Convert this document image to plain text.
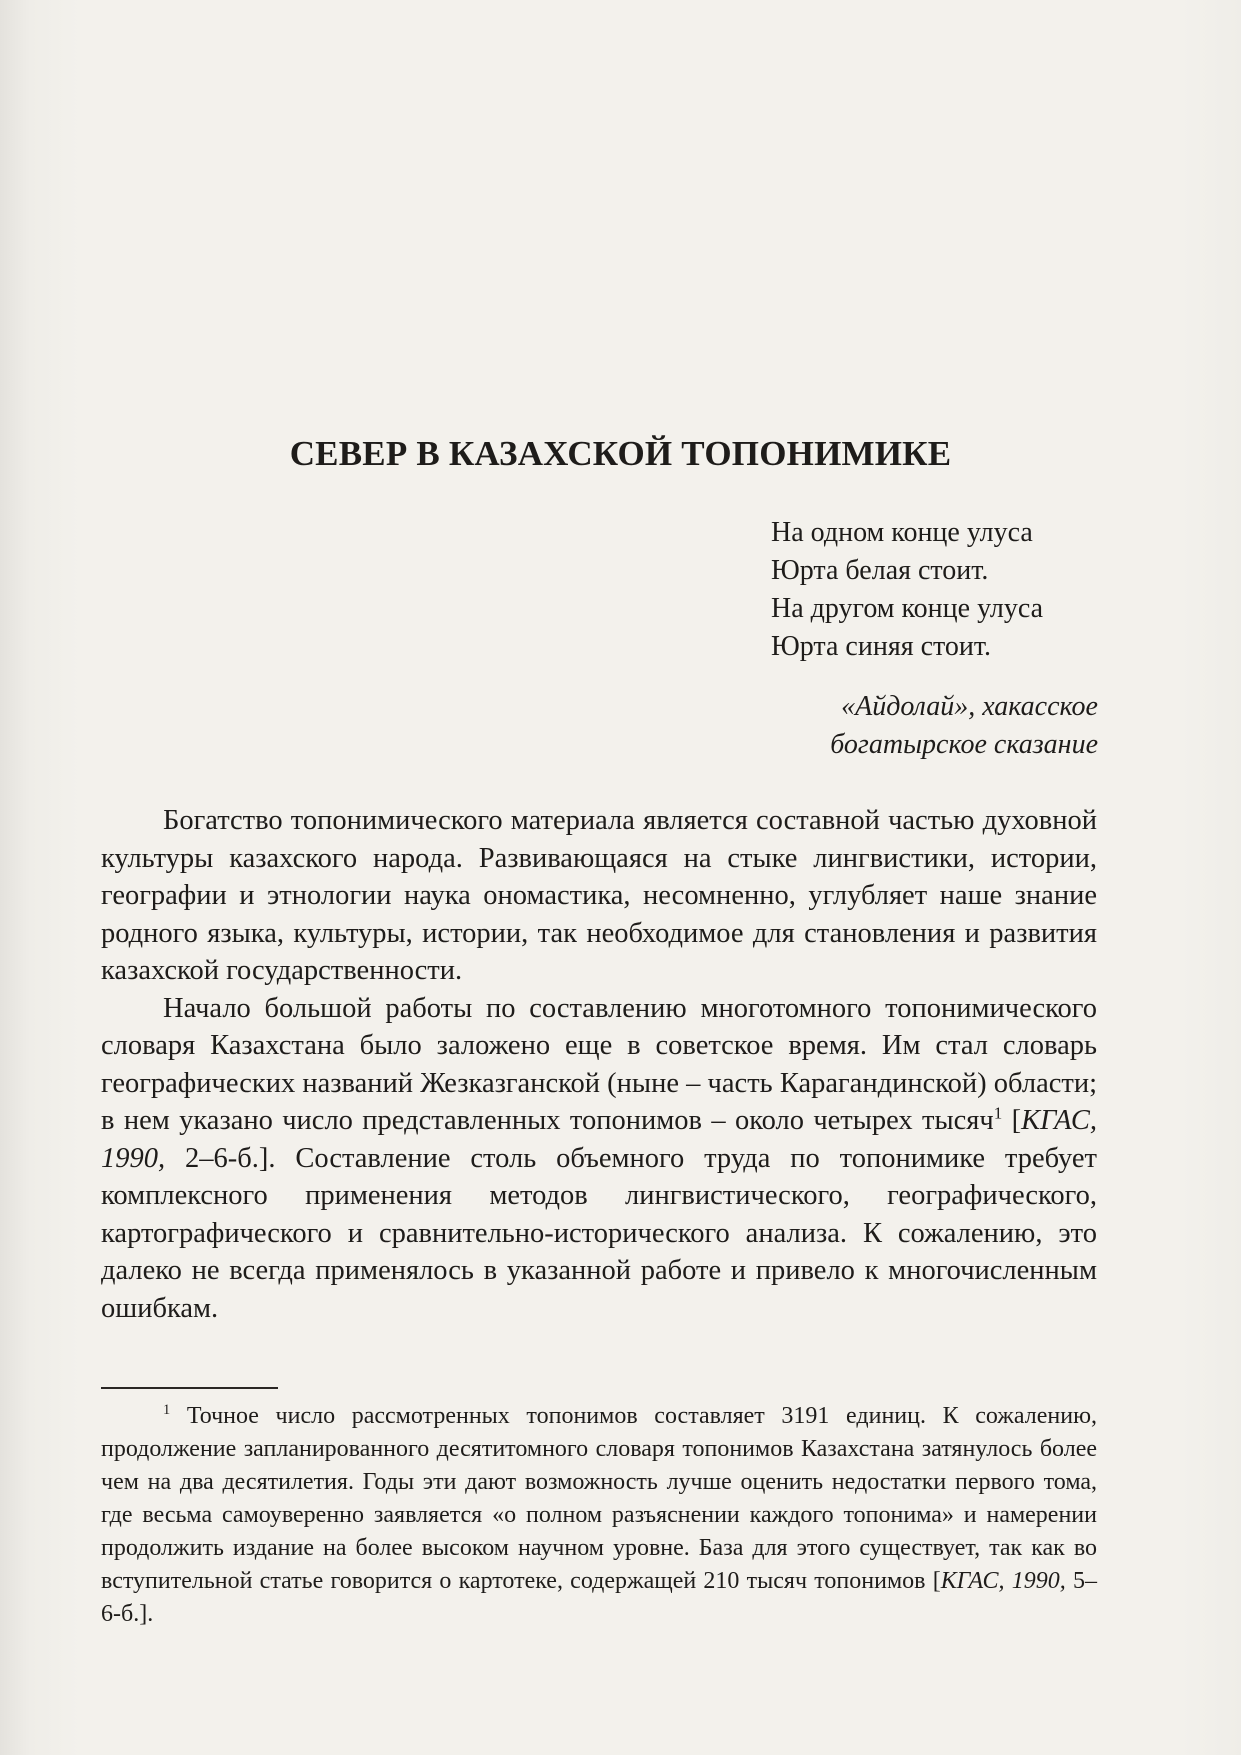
СЕВЕР В КАЗАХСКОЙ ТОПОНИМИКЕ
На одном конце улуса
Юрта белая стоит.
На другом конце улуса
Юрта синяя стоит.
«Айдолай», хакасское
богатырское сказание

Богатство топонимического материала является составной частью духовной культуры казахского народа. Развивающаяся на стыке лингвистики, истории, географии и этнологии наука ономастика, несомненно, углубляет наше знание родного языка, культуры, истории, так необходимое для становления и развития казахской государственности.

Начало большой работы по составлению многотомного топонимического словаря Казахстана было заложено еще в советское время. Им стал словарь географических названий Жезказганской (ныне – часть Карагандинской) области; в нем указано число представленных топонимов – около четырех тысяч$^1$ [КГАС, 1990, 2–6-б.]. Составление столь объемного труда по топонимике требует комплексного применения методов лингвистического, географического, картографического и сравнительно-исторического анализа. К сожалению, это далеко не всегда применялось в указанной работе и привело к многочисленным ошибкам.

$^1$ Точное число рассмотренных топонимов составляет 3191 единиц. К сожалению, продолжение запланированного десятитомного словаря топонимов Казахстана затянулось более чем на два десятилетия. Годы эти дают возможность лучше оценить недостатки первого тома, где весьма самоуверенно заявляется «о полном разъяснении каждого топонима» и намерении продолжить издание на более высоком научном уровне. База для этого существует, так как во вступительной статье говорится о картотеке, содержащей 210 тысяч топонимов [КГАС, 1990, 5–6-б.].
